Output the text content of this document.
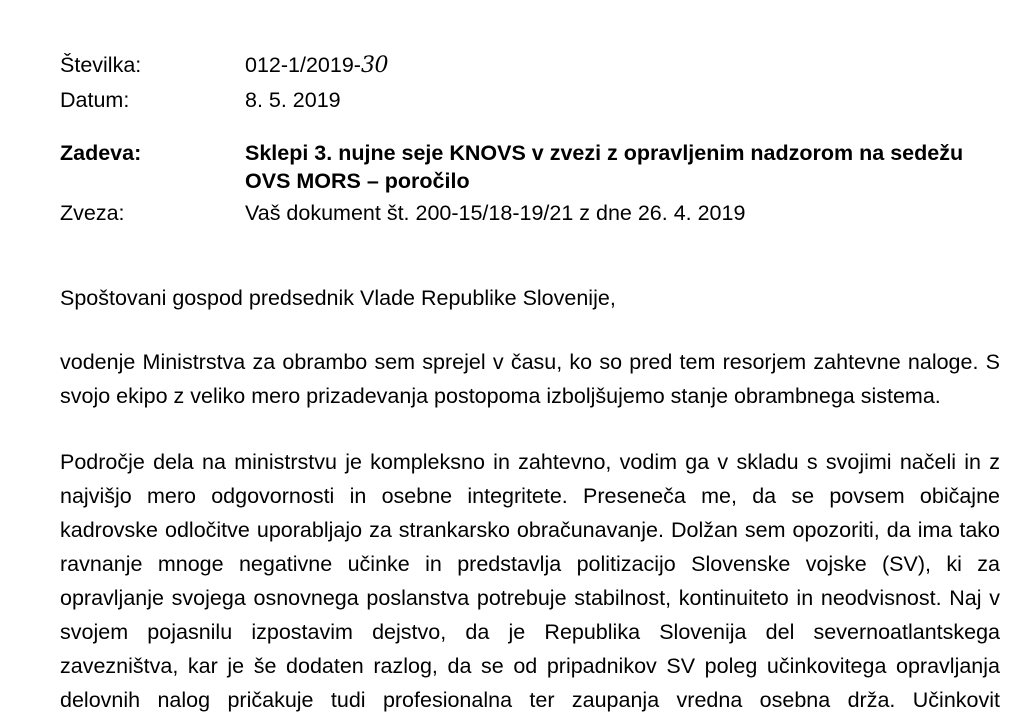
Številka:	012-1/2019-30
Datum:	8. 5. 2019
Zadeva:	Sklepi 3. nujne seje KNOVS v zvezi z opravljenim nadzorom na sedežu OVS MORS – poročilo
Zveza:	Vaš dokument št. 200-15/18-19/21 z dne 26. 4. 2019
Spoštovani gospod predsednik Vlade Republike Slovenije,
vodenje Ministrstva za obrambo sem sprejel v času, ko so pred tem resorjem zahtevne naloge. S svojo ekipo z veliko mero prizadevanja postopoma izboljšujemo stanje obrambnega sistema.
Področje dela na ministrstvu je kompleksno in zahtevno, vodim ga v skladu s svojimi načeli in z najvišjo mero odgovornosti in osebne integritete. Preseneča me, da se povsem običajne kadrovske odločitve uporabljajo za strankarsko obračunavanje. Dolžan sem opozoriti, da ima tako ravnanje mnoge negativne učinke in predstavlja politizacijo Slovenske vojske (SV), ki za opravljanje svojega osnovnega poslanstva potrebuje stabilnost, kontinuiteto in neodvisnost. Naj v svojem pojasnilu izpostavim dejstvo, da je Republika Slovenija del severnoatlantskega zavezništva, kar je še dodaten razlog, da se od pripadnikov SV poleg učinkovitega opravljanja delovnih nalog pričakuje tudi profesionalna ter zaupanja vredna osebna drža. Učinkovit
